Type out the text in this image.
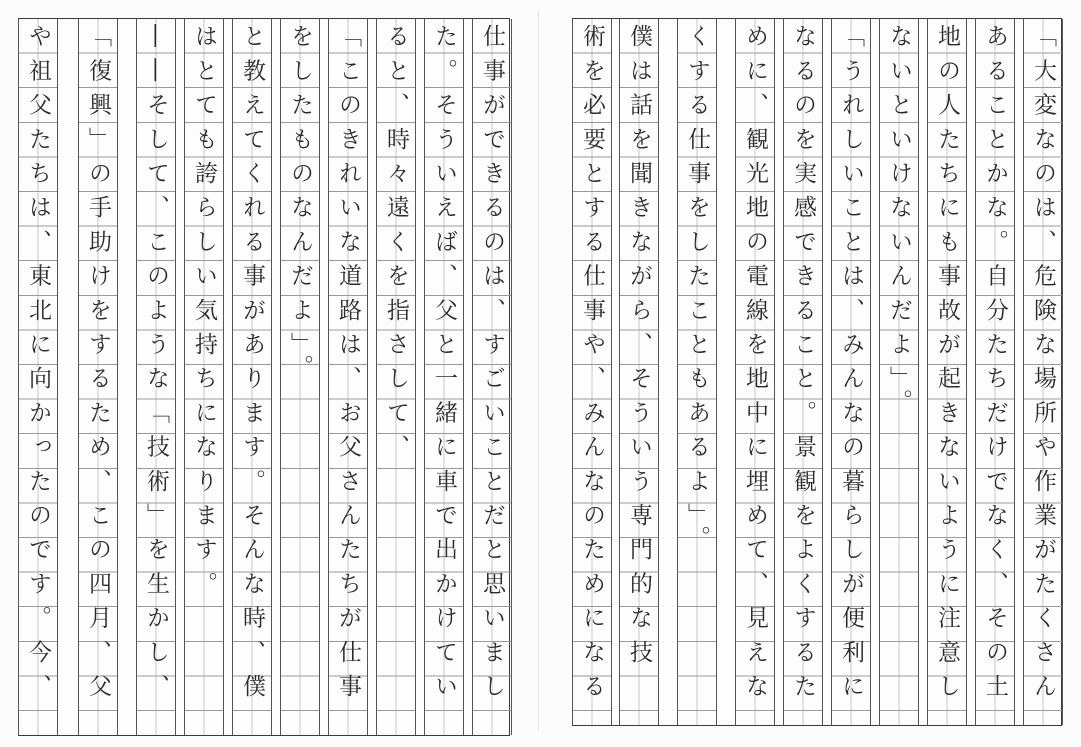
仕事ができるのは、すごいことだと思いまし
た。そういえば、父と一緒に車で出かけてい
ると、時々遠くを指さして、
「このきれいな道路は、お父さんたちが仕事
をしたものなんだよ」。
と教えてくれる事があります。そんな時、僕
はとても誇らしい気持ちになります。
――そして、このような「技術」を生かし、
「復興」の手助けをするため、この四月、父
や祖父たちは、東北に向かったのです。今、	「大変なのは、危険な場所や作業がたくさん
あることかな。自分たちだけでなく、その土
地の人たちにも事故が起きないように注意し
ないといけないんだよ」。
「うれしいことは、みんなの暮らしが便利に
なるのを実感できること。景観をよくするた
めに、観光地の電線を地中に埋めて、見えな
くする仕事をしたこともあるよ」。
僕は話を聞きながら、そういう専門的な技
術を必要とする仕事や、みんなのためになる
